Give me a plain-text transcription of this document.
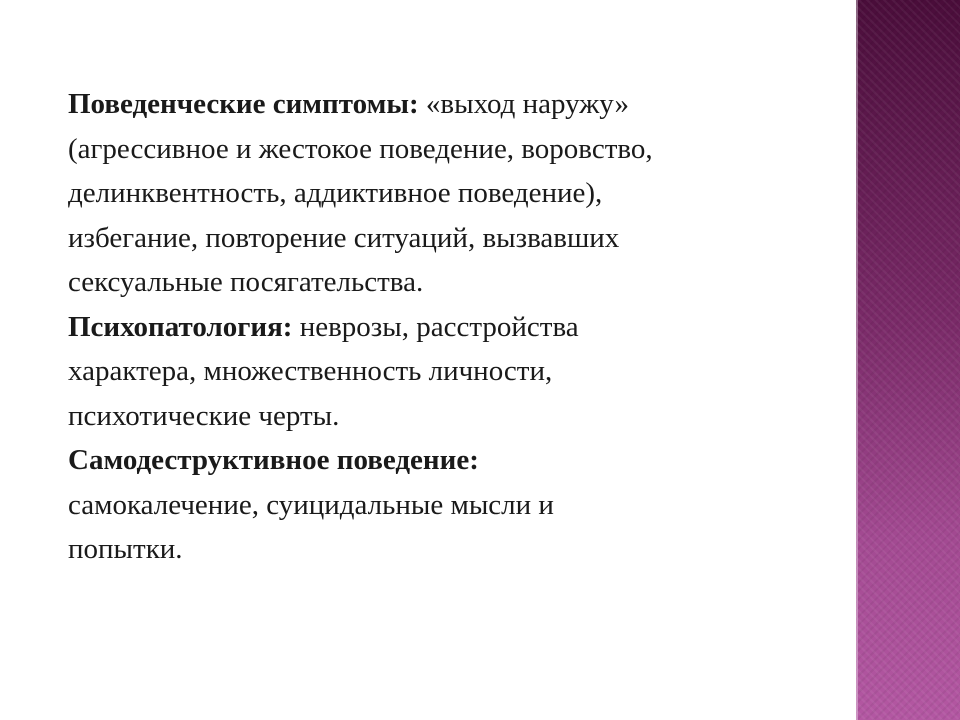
Поведенческие симптомы: «выход наружу»
(агрессивное и жестокое поведение, воровство,
делинквентность, аддиктивное поведение),
избегание, повторение ситуаций, вызвавших
сексуальные посягательства.
Психопатология: неврозы, расстройства
характера, множественность личности,
психотические черты.
Самодеструктивное поведение:
самокалечение, суицидальные мысли и
попытки.
